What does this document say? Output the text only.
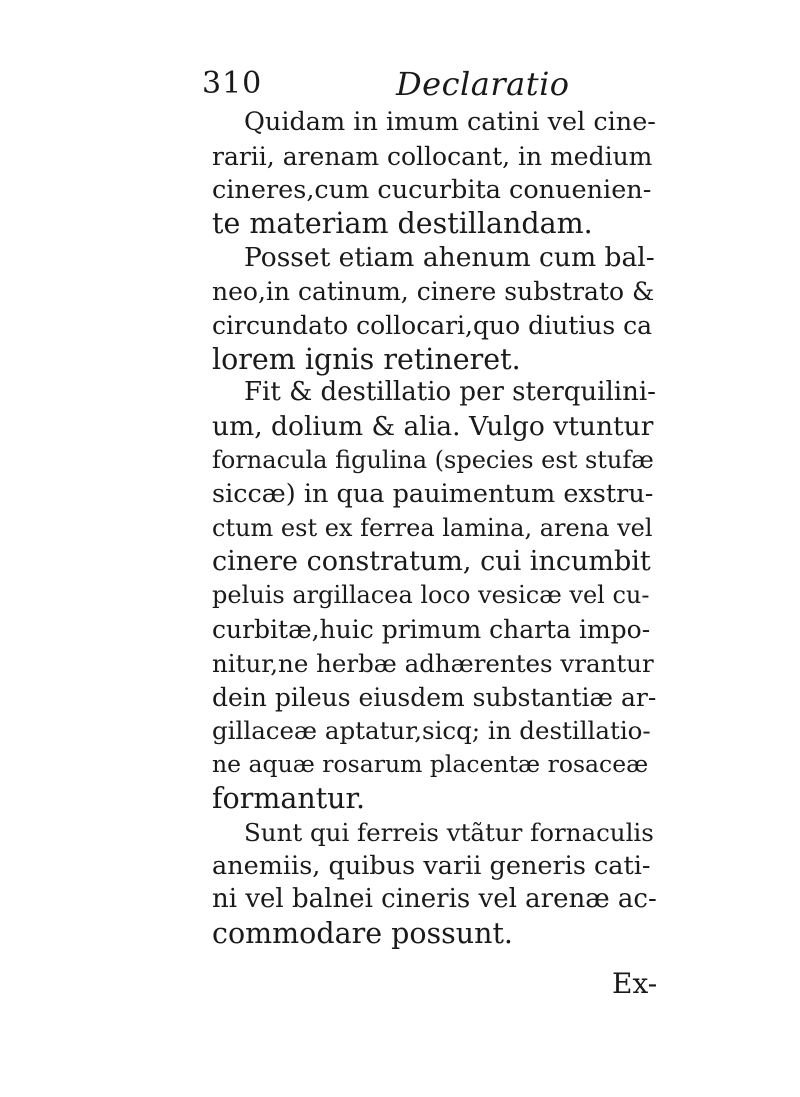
310	Declaratio
Quidam in imum catini vel cine-
rarii, arenam collocant, in medium
cineres,cum cucurbita conuenien-
te materiam destillandam.
Posset etiam ahenum cum bal-
neo,in catinum, cinere substrato &
circundato collocari,quo diutius ca
lorem ignis retineret.
Fit & destillatio per sterquilini-
um, dolium & alia. Vulgo vtuntur
fornacula figulina (species est stufæ
siccæ) in qua pauimentum exstru-
ctum est ex ferrea lamina, arena vel
cinere constratum, cui incumbit
peluis argillacea loco vesicæ vel cu-
curbitæ,huic primum charta impo-
nitur,ne herbæ adhærentes vrantur
dein pileus eiusdem substantiæ ar-
gillaceæ aptatur,sicq; in destillatio-
ne aquæ rosarum placentæ rosaceæ
formantur.
Sunt qui ferreis vtãtur fornaculis
anemiis, quibus varii generis cati-
ni vel balnei cineris vel arenæ ac-
commodare possunt.
Ex-
